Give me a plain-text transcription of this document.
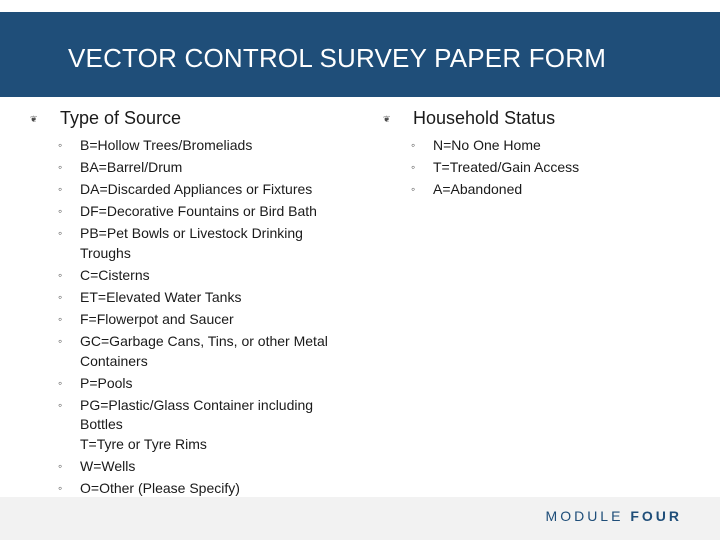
VECTOR CONTROL SURVEY PAPER FORM
❦ Type of Source
◦ B=Hollow Trees/Bromeliads
◦ BA=Barrel/Drum
◦ DA=Discarded Appliances or Fixtures
◦ DF=Decorative Fountains or Bird Bath
◦ PB=Pet Bowls or Livestock Drinking
Troughs
◦ C=Cisterns
◦ ET=Elevated Water Tanks
◦ F=Flowerpot and Saucer
◦ GC=Garbage Cans, Tins, or other Metal
Containers
◦ P=Pools
◦ PG=Plastic/Glass Container including
Bottles
T=Tyre or Tyre Rims
◦ W=Wells
◦ O=Other (Please Specify)
❦ Household Status
◦ N=No One Home
◦ T=Treated/Gain Access
◦ A=Abandoned
MODULE FOUR
